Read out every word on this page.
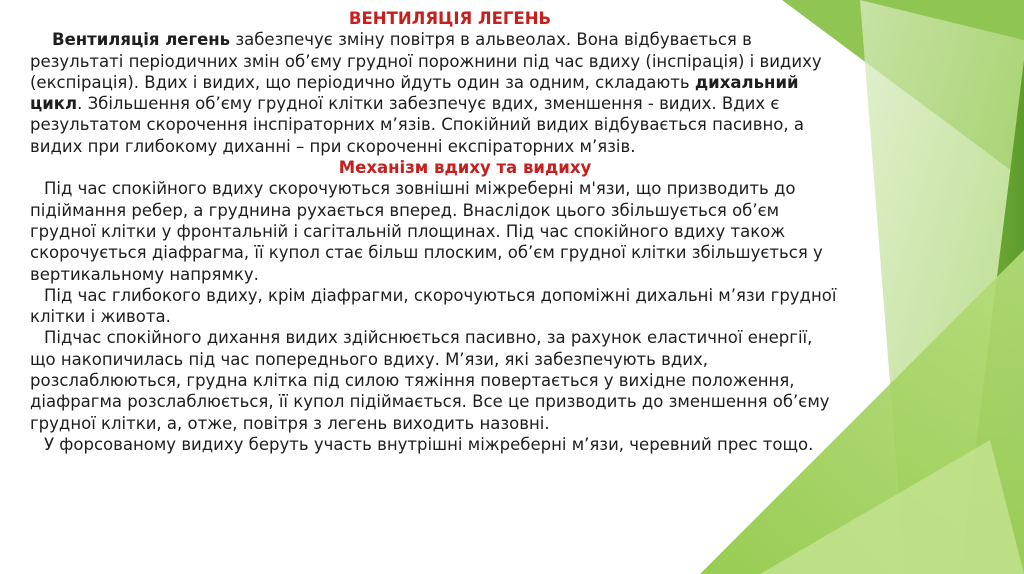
ВЕНТИЛЯЦІЯ ЛЕГЕНЬ

Вентиляція легень забезпечує зміну повітря в альвеолах. Вона відбувається в результаті періодичних змін об’єму грудної порожнини під час вдиху (інспірація) і видиху (експірація). Вдих і видих, що періодично йдуть один за одним, складають дихальний цикл. Збільшення об’єму грудної клітки забезпечує вдих, зменшення - видих. Вдих є результатом скорочення інспіраторних м’язів. Спокійний видих відбувається пасивно, а видих при глибокому диханні – при скороченні експіраторних м’язів.

Механізм вдиху та видиху

Під час спокійного вдиху скорочуються зовнішні міжреберні м'язи, що призводить до підіймання ребер, а груднина рухається вперед. Внаслідок цього збільшується об’єм грудної клітки у фронтальній і сагітальній площинах. Під час спокійного вдиху також скорочується діафрагма, її купол стає більш плоским, об’єм грудної клітки збільшується у вертикальному напрямку.

Під час глибокого вдиху, крім діафрагми, скорочуються допоміжні дихальні м’язи грудної клітки і живота.

Підчас спокійного дихання видих здійснюється пасивно, за рахунок еластичної енергії, що накопичилась під час попереднього вдиху. М’язи, які забезпечують вдих, розслаблюються, грудна клітка під силою тяжіння повертається у вихідне положення, діафрагма розслаблюється, її купол підіймається. Все це призводить до зменшення об’єму грудної клітки, а, отже, повітря з легень виходить назовні.

У форсованому видиху беруть участь внутрішні міжреберні м’язи, черевний прес тощо.
